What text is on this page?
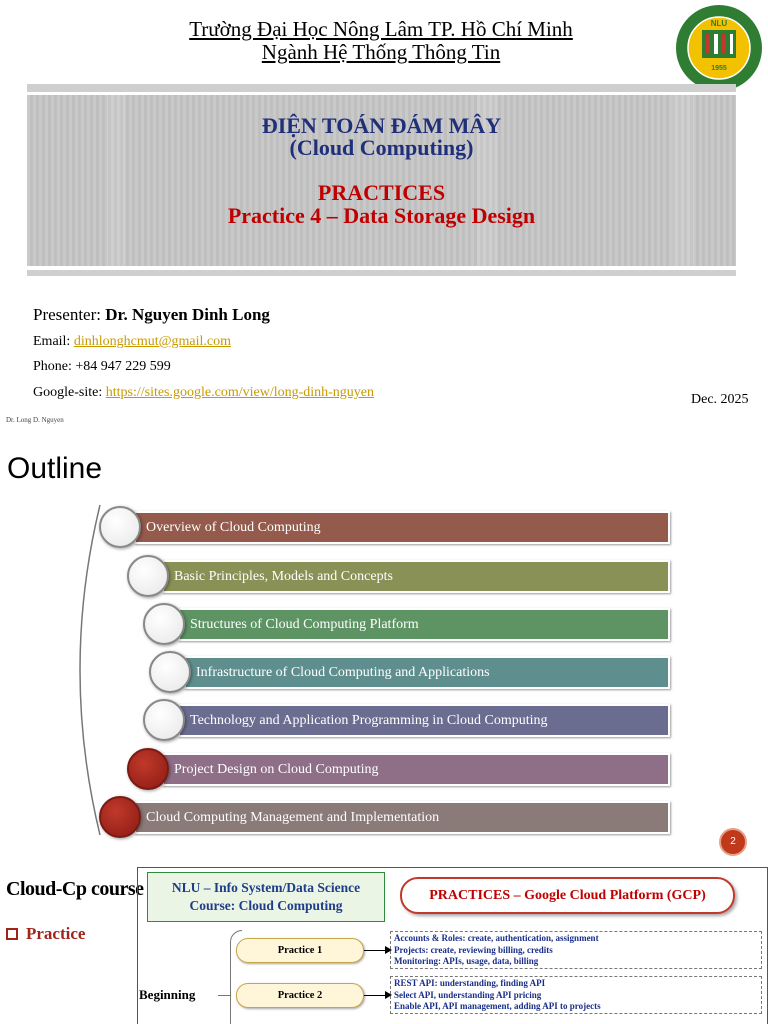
Trường Đại Học Nông Lâm TP. Hồ Chí Minh
Ngành Hệ Thống Thông Tin
NLU
1955
ĐIỆN TOÁN ĐÁM MÂY
(Cloud Computing)
PRACTICES
Practice 4 – Data Storage Design
Presenter: Dr. Nguyen Dinh Long
Email: dinhlonghcmut@gmail.com
Phone: +84 947 229 599
Google-site: https://sites.google.com/view/long-dinh-nguyen	Dec. 2025
Dr. Long D. Nguyen
Outline
Overview of Cloud Computing
Basic Principles, Models and Concepts
Structures of Cloud Computing Platform
Infrastructure of Cloud Computing and Applications
Technology and Application Programming in Cloud Computing
Project Design on Cloud Computing
Cloud Computing Management and Implementation
2
Cloud-Cp course
Practice
NLU – Info System/Data Science
Course: Cloud Computing
PRACTICES – Google Cloud Platform (GCP)
Beginning
Practice 1
Accounts & Roles: create, authentication, assignment
Projects: create, reviewing billing, credits
Monitoring: APIs, usage, data, billing
Practice 2
REST API: understanding, finding API
Select API, understanding API pricing
Enable API, API management, adding API to projects
